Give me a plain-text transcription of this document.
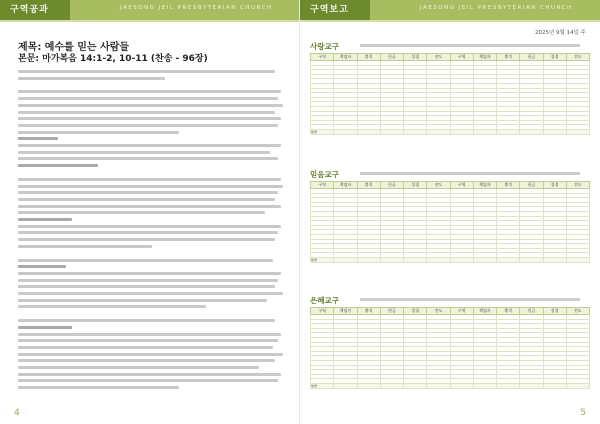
구역공과	JAESONG JEIL PRESBYTERIAN CHURCH
제목: 예수를 믿는 사람들
본문: 마가복음 14:1-2, 10-11 (찬송 - 96장)
4
구역보고	JAESONG JEIL PRESBYTERIAN CHURCH
2025년 9월 14일 주
사랑교구
구역	책임자	출석	헌금	성경	전도	구역	책임자	출석	헌금	성경	전도

합계											
믿음교구
구역	책임자	출석	헌금	성경	전도	구역	책임자	출석	헌금	성경	전도

합계											
은혜교구
구역	책임자	출석	헌금	성경	전도	구역	책임자	출석	헌금	성경	전도

합계											
5
